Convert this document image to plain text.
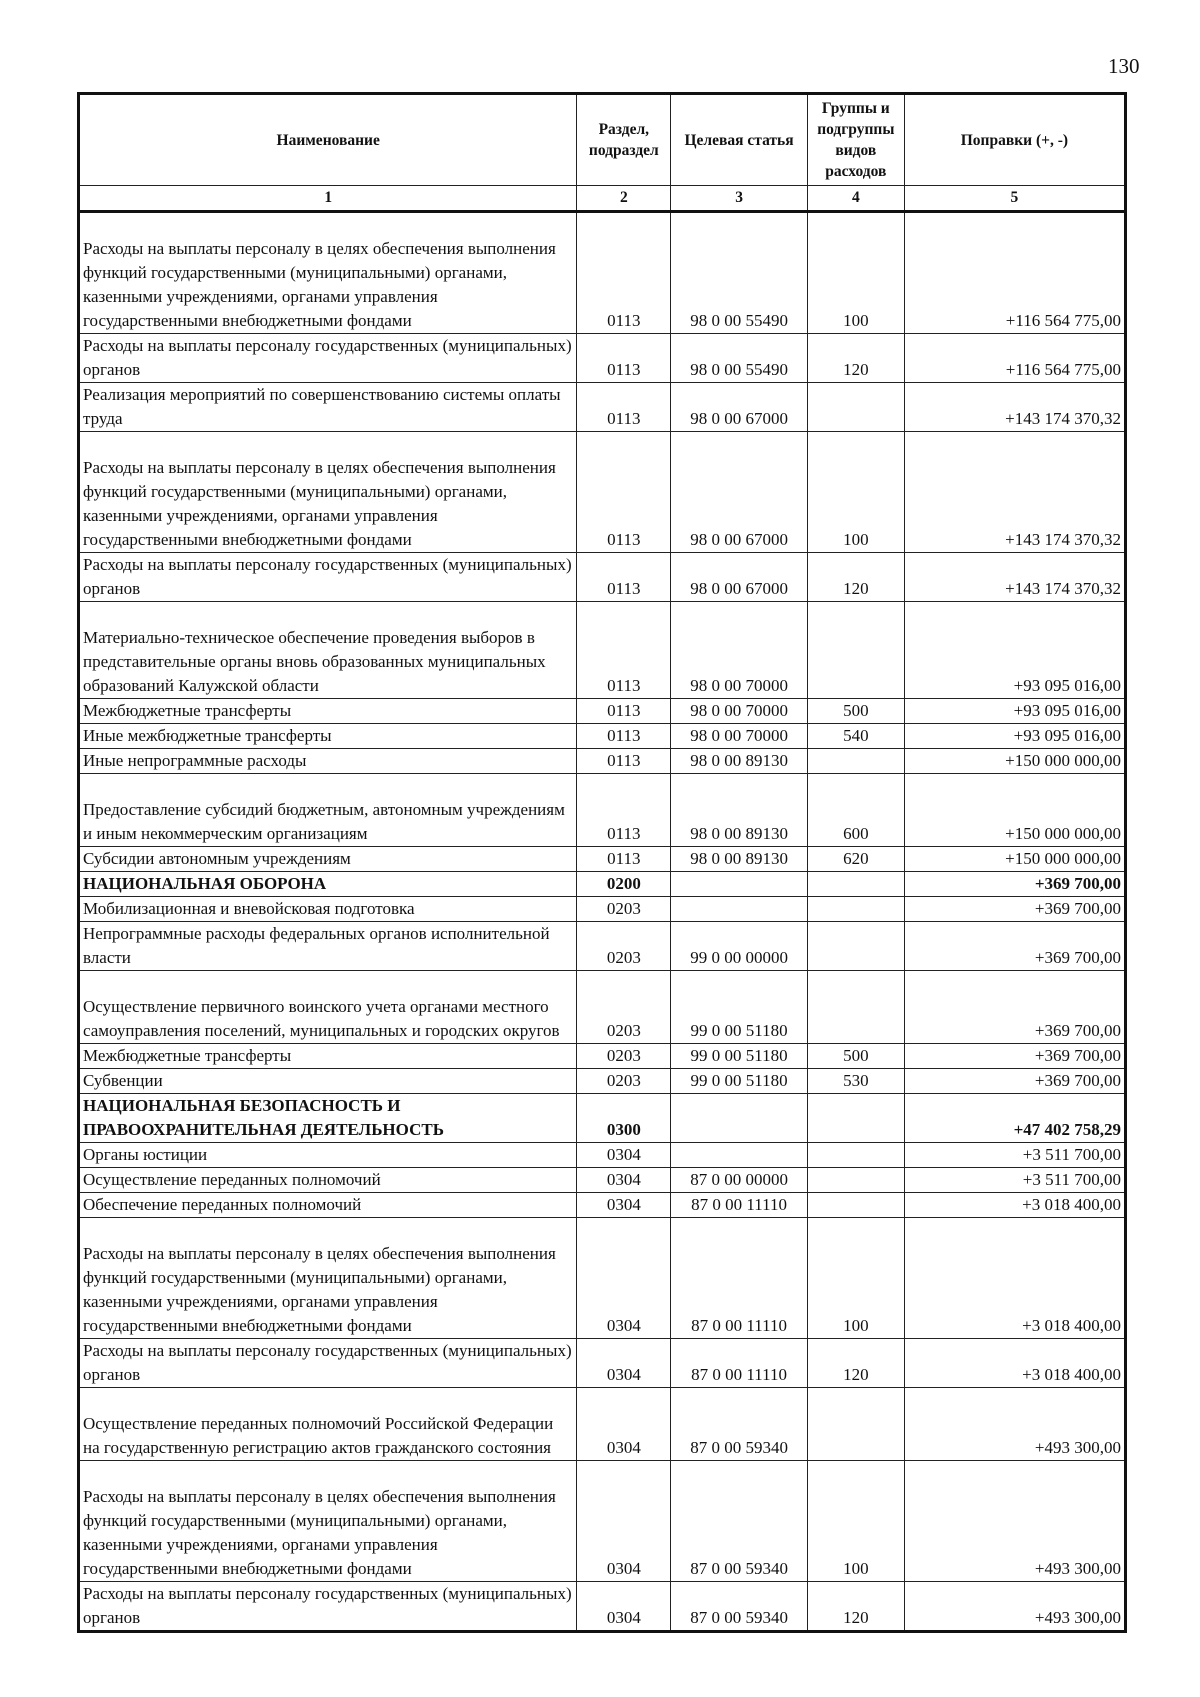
130
Наименование	Раздел, подраздел	Целевая статья	Группы и подгруппы видов расходов	Поправки (+, -)
1	2	3	4	5
Расходы на выплаты персоналу в целях обеспечения выполнения функций государственными (муниципальными) органами, казенными учреждениями, органами управления государственными внебюджетными фондами	0113	98 0 00 55490	100	+116 564 775,00
Расходы на выплаты персоналу государственных (муниципальных) органов	0113	98 0 00 55490	120	+116 564 775,00
Реализация мероприятий по совершенствованию системы оплаты труда	0113	98 0 00 67000		+143 174 370,32
Расходы на выплаты персоналу в целях обеспечения выполнения функций государственными (муниципальными) органами, казенными учреждениями, органами управления государственными внебюджетными фондами	0113	98 0 00 67000	100	+143 174 370,32
Расходы на выплаты персоналу государственных (муниципальных) органов	0113	98 0 00 67000	120	+143 174 370,32
Материально-техническое обеспечение проведения выборов в представительные органы вновь образованных муниципальных образований Калужской области	0113	98 0 00 70000		+93 095 016,00
Межбюджетные трансферты	0113	98 0 00 70000	500	+93 095 016,00
Иные межбюджетные трансферты	0113	98 0 00 70000	540	+93 095 016,00
Иные непрограммные расходы	0113	98 0 00 89130		+150 000 000,00
Предоставление субсидий бюджетным, автономным учреждениям и иным некоммерческим организациям	0113	98 0 00 89130	600	+150 000 000,00
Субсидии автономным учреждениям	0113	98 0 00 89130	620	+150 000 000,00
НАЦИОНАЛЬНАЯ ОБОРОНА	0200			+369 700,00
Мобилизационная и вневойсковая подготовка	0203			+369 700,00
Непрограммные расходы федеральных органов исполнительной власти	0203	99 0 00 00000		+369 700,00
Осуществление первичного воинского учета органами местного самоуправления поселений, муниципальных и городских округов	0203	99 0 00 51180		+369 700,00
Межбюджетные трансферты	0203	99 0 00 51180	500	+369 700,00
Субвенции	0203	99 0 00 51180	530	+369 700,00
НАЦИОНАЛЬНАЯ БЕЗОПАСНОСТЬ И ПРАВООХРАНИТЕЛЬНАЯ ДЕЯТЕЛЬНОСТЬ	0300			+47 402 758,29
Органы юстиции	0304			+3 511 700,00
Осуществление переданных полномочий	0304	87 0 00 00000		+3 511 700,00
Обеспечение переданных полномочий	0304	87 0 00 11110		+3 018 400,00
Расходы на выплаты персоналу в целях обеспечения выполнения функций государственными (муниципальными) органами, казенными учреждениями, органами управления государственными внебюджетными фондами	0304	87 0 00 11110	100	+3 018 400,00
Расходы на выплаты персоналу государственных (муниципальных) органов	0304	87 0 00 11110	120	+3 018 400,00
Осуществление переданных полномочий Российской Федерации на государственную регистрацию актов гражданского состояния	0304	87 0 00 59340		+493 300,00
Расходы на выплаты персоналу в целях обеспечения выполнения функций государственными (муниципальными) органами, казенными учреждениями, органами управления государственными внебюджетными фондами	0304	87 0 00 59340	100	+493 300,00
Расходы на выплаты персоналу государственных (муниципальных) органов	0304	87 0 00 59340	120	+493 300,00
